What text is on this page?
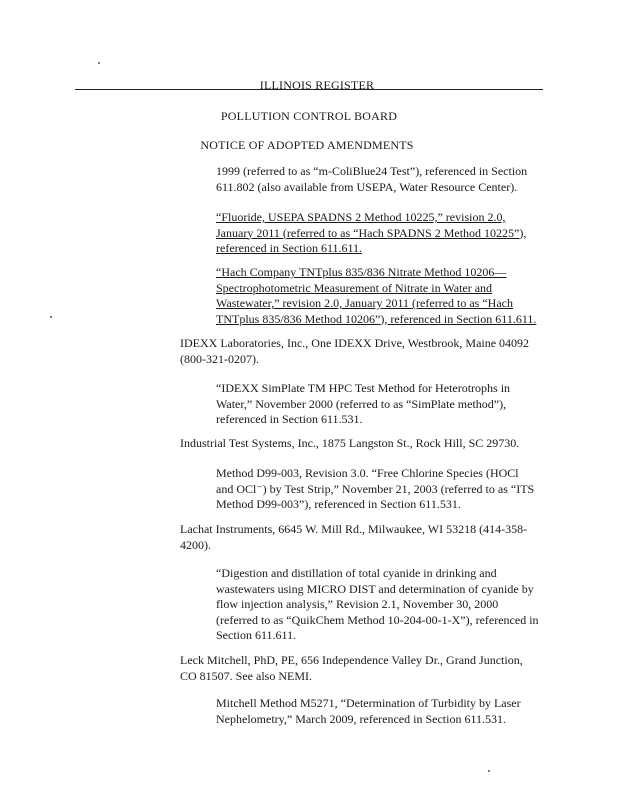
ILLINOIS REGISTER
POLLUTION CONTROL BOARD
NOTICE OF ADOPTED AMENDMENTS

1999 (referred to as “m-ColiBlue24 Test”), referenced in Section

611.802 (also available from USEPA, Water Resource Center).

“Fluoride, USEPA SPADNS 2 Method 10225,” revision 2.0,

January 2011 (referred to as “Hach SPADNS 2 Method 10225”),

referenced in Section 611.611.

“Hach Company TNTplus 835/836 Nitrate Method 10206—

Spectrophotometric Measurement of Nitrate in Water and

Wastewater,” revision 2.0, January 2011 (referred to as “Hach

TNTplus 835/836 Method 10206”), referenced in Section 611.611.

IDEXX Laboratories, Inc., One IDEXX Drive, Westbrook, Maine 04092

(800-321-0207).

“IDEXX SimPlate TM HPC Test Method for Heterotrophs in

Water,” November 2000 (referred to as “SimPlate method”),

referenced in Section 611.531.

Industrial Test Systems, Inc., 1875 Langston St., Rock Hill, SC 29730.

Method D99-003, Revision 3.0. “Free Chlorine Species (HOCl

and OCl⁻) by Test Strip,” November 21, 2003 (referred to as “ITS

Method D99-003”), referenced in Section 611.531.

Lachat Instruments, 6645 W. Mill Rd., Milwaukee, WI 53218 (414-358-

4200).

“Digestion and distillation of total cyanide in drinking and

wastewaters using MICRO DIST and determination of cyanide by

flow injection analysis,” Revision 2.1, November 30, 2000

(referred to as “QuikChem Method 10-204-00-1-X”), referenced in

Section 611.611.

Leck Mitchell, PhD, PE, 656 Independence Valley Dr., Grand Junction,

CO 81507. See also NEMI.

Mitchell Method M5271, “Determination of Turbidity by Laser

Nephelometry,” March 2009, referenced in Section 611.531.
